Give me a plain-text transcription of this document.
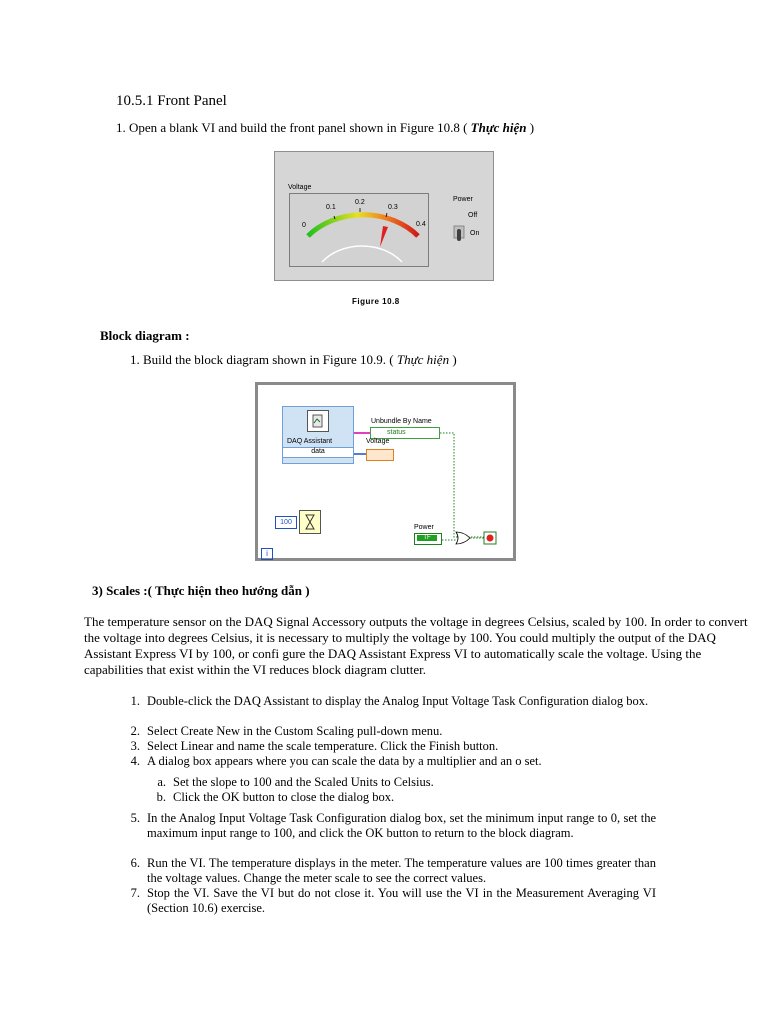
10.5.1 Front Panel
1. Open a blank VI and build the front panel shown in Figure 10.8 ( Thực hiện )
Voltage
0
0.1
0.2
0.3
0.4
Power
Off
On
Figure 10.8
Block diagram :
1. Build the block diagram shown in Figure 10.9. ( Thực hiện )
DAQ Assistant
data
Unbundle By Name
status
Voltage
100
Power
TF
i
3) Scales :( Thực hiện theo hướng dẫn )
The temperature sensor on the DAQ Signal Accessory outputs the voltage in degrees Celsius, scaled by 100. In order to convert the voltage into degrees Celsius, it is necessary to multiply the voltage by 100. You could multiply the output of the DAQ Assistant Express VI by 100, or confi gure the DAQ Assistant Express VI to automatically scale the voltage. Using the capabilities that exist within the VI reduces block diagram clutter.
1. Double-click the DAQ Assistant to display the Analog Input Voltage Task Configuration dialog box.
2. Select Create New in the Custom Scaling pull-down menu.
3. Select Linear and name the scale temperature. Click the Finish button.
4. A dialog box appears where you can scale the data by a multiplier and an o set.
a. Set the slope to 100 and the Scaled Units to Celsius.
b. Click the OK button to close the dialog box.
5. In the Analog Input Voltage Task Configuration dialog box, set the minimum input range to 0, set the maximum input range to 100, and click the OK button to return to the block diagram.
6. Run the VI. The temperature displays in the meter. The temperature values are 100 times greater than the voltage values. Change the meter scale to see the correct values.
7. Stop the VI. Save the VI but do not close it. You will use the VI in the Measurement Averaging VI (Section 10.6) exercise.
